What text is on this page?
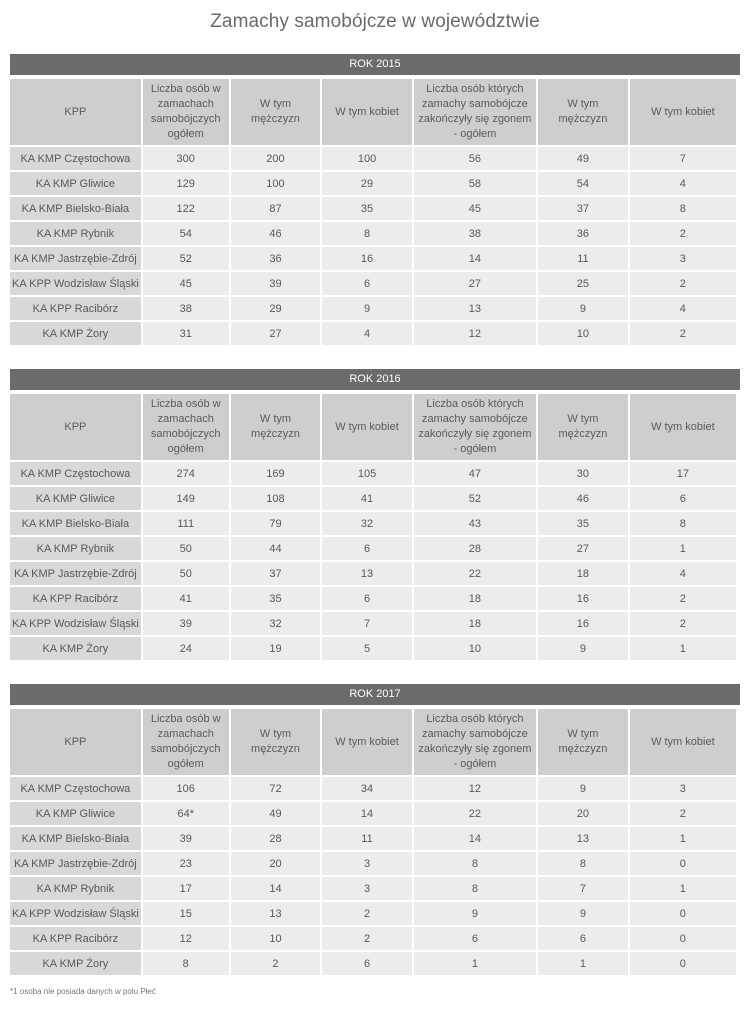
Zamachy samobójcze w województwie
ROK 2015
KPP	Liczba osób w zamachach samobójczych ogółem	W tym mężczyzn	W tym kobiet	Liczba osób których zamachy samobójcze zakończyły się zgonem - ogółem	W tym mężczyzn	W tym kobiet
KA KMP Częstochowa	300	200	100	56	49	7
KA KMP Gliwice	129	100	29	58	54	4
KA KMP Bielsko-Biała	122	87	35	45	37	8
KA KMP Rybnik	54	46	8	38	36	2
KA KMP Jastrzębie-Zdrój	52	36	16	14	11	3
KA KPP Wodzisław Śląski	45	39	6	27	25	2
KA KPP Racibórz	38	29	9	13	9	4
KA KMP Żory	31	27	4	12	10	2
ROK 2016
KPP	Liczba osób w zamachach samobójczych ogółem	W tym mężczyzn	W tym kobiet	Liczba osób których zamachy samobójcze zakończyły się zgonem - ogółem	W tym mężczyzn	W tym kobiet
KA KMP Częstochowa	274	169	105	47	30	17
KA KMP Gliwice	149	108	41	52	46	6
KA KMP Bielsko-Biała	111	79	32	43	35	8
KA KMP Rybnik	50	44	6	28	27	1
KA KMP Jastrzębie-Zdrój	50	37	13	22	18	4
KA KPP Racibórz	41	35	6	18	16	2
KA KPP Wodzisław Śląski	39	32	7	18	16	2
KA KMP Żory	24	19	5	10	9	1
ROK 2017
KPP	Liczba osób w zamachach samobójczych ogółem	W tym mężczyzn	W tym kobiet	Liczba osób których zamachy samobójcze zakończyły się zgonem - ogółem	W tym mężczyzn	W tym kobiet
KA KMP Częstochowa	106	72	34	12	9	3
KA KMP Gliwice	64*	49	14	22	20	2
KA KMP Bielsko-Biała	39	28	11	14	13	1
KA KMP Jastrzębie-Zdrój	23	20	3	8	8	0
KA KMP Rybnik	17	14	3	8	7	1
KA KPP Wodzisław Śląski	15	13	2	9	9	0
KA KPP Racibórz	12	10	2	6	6	0
KA KMP Żory	8	2	6	1	1	0
*1 osoba nie posiada danych w polu Płeć
